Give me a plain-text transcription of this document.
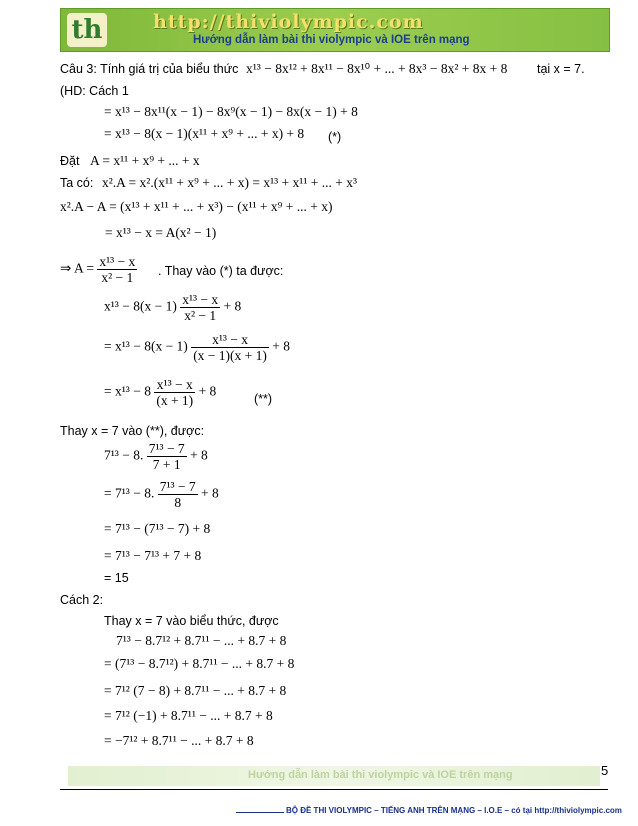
th	http://thiviolympic.com
Hướng dẫn làm bài thi violympic và IOE trên mạng
Câu 3: Tính giá trị của biểu thức x¹³ − 8x¹² + 8x¹¹ − 8x¹⁰ + ... + 8x³ − 8x² + 8x + 8 tại x = 7.
(HD: Cách 1
= x¹³ − 8x¹¹(x − 1) − 8x⁹(x − 1) − 8x(x − 1) + 8
= x¹³ − 8(x − 1)(x¹¹ + x⁹ + ... + x) + 8 (*)
Đặt A = x¹¹ + x⁹ + ... + x
Ta có: x².A = x².(x¹¹ + x⁹ + ... + x) = x¹³ + x¹¹ + ... + x³
x².A − A = (x¹³ + x¹¹ + ... + x³) − (x¹¹ + x⁹ + ... + x)
= x¹³ − x = A(x² − 1)
⇒ $A = \frac{\text{x¹³ − x}}{\text{x² − 1}}$ . Thay vào (*) ta được:
$x^{13} - 8(x - 1) \frac{\text{x¹³ − x}}{\text{x² − 1}} + 8$
= $x^{13} - 8(x - 1) \frac{\text{x¹³ − x}}{(x - 1)(x + 1)} + 8$
= $x^{13} - 8 \frac{\text{x¹³ − x}}{(x + 1)} + 8$
(**)
Thay x = 7 vào (**), được:
7¹³ − 8. $\frac{\text{7¹³ − 7}}{7 + 1} + 8$
= 7¹³ − 8. $\frac{\text{7¹³ − 7}}{8} + 8$
= 7¹³ − (7¹³ − 7) + 8
= 7¹³ − 7¹³ + 7 + 8
= 15
Cách 2:
Thay x = 7 vào biểu thức, được
7¹³ − 8.7¹² + 8.7¹¹ − ... + 8.7 + 8
= (7¹³ − 8.7¹²) + 8.7¹¹ − ... + 8.7 + 8
= 7¹² (7 − 8) + 8.7¹¹ − ... + 8.7 + 8
= 7¹² (−1) + 8.7¹¹ − ... + 8.7 + 8
= −7¹² + 8.7¹¹ − ... + 8.7 + 8
Hướng dẫn làm bài thi violympic và IOE trên mạng	5
BỘ ĐỀ THI VIOLYMPIC – TIẾNG ANH TRÊN MẠNG – I.O.E – có tại http://thiviolympic.com
